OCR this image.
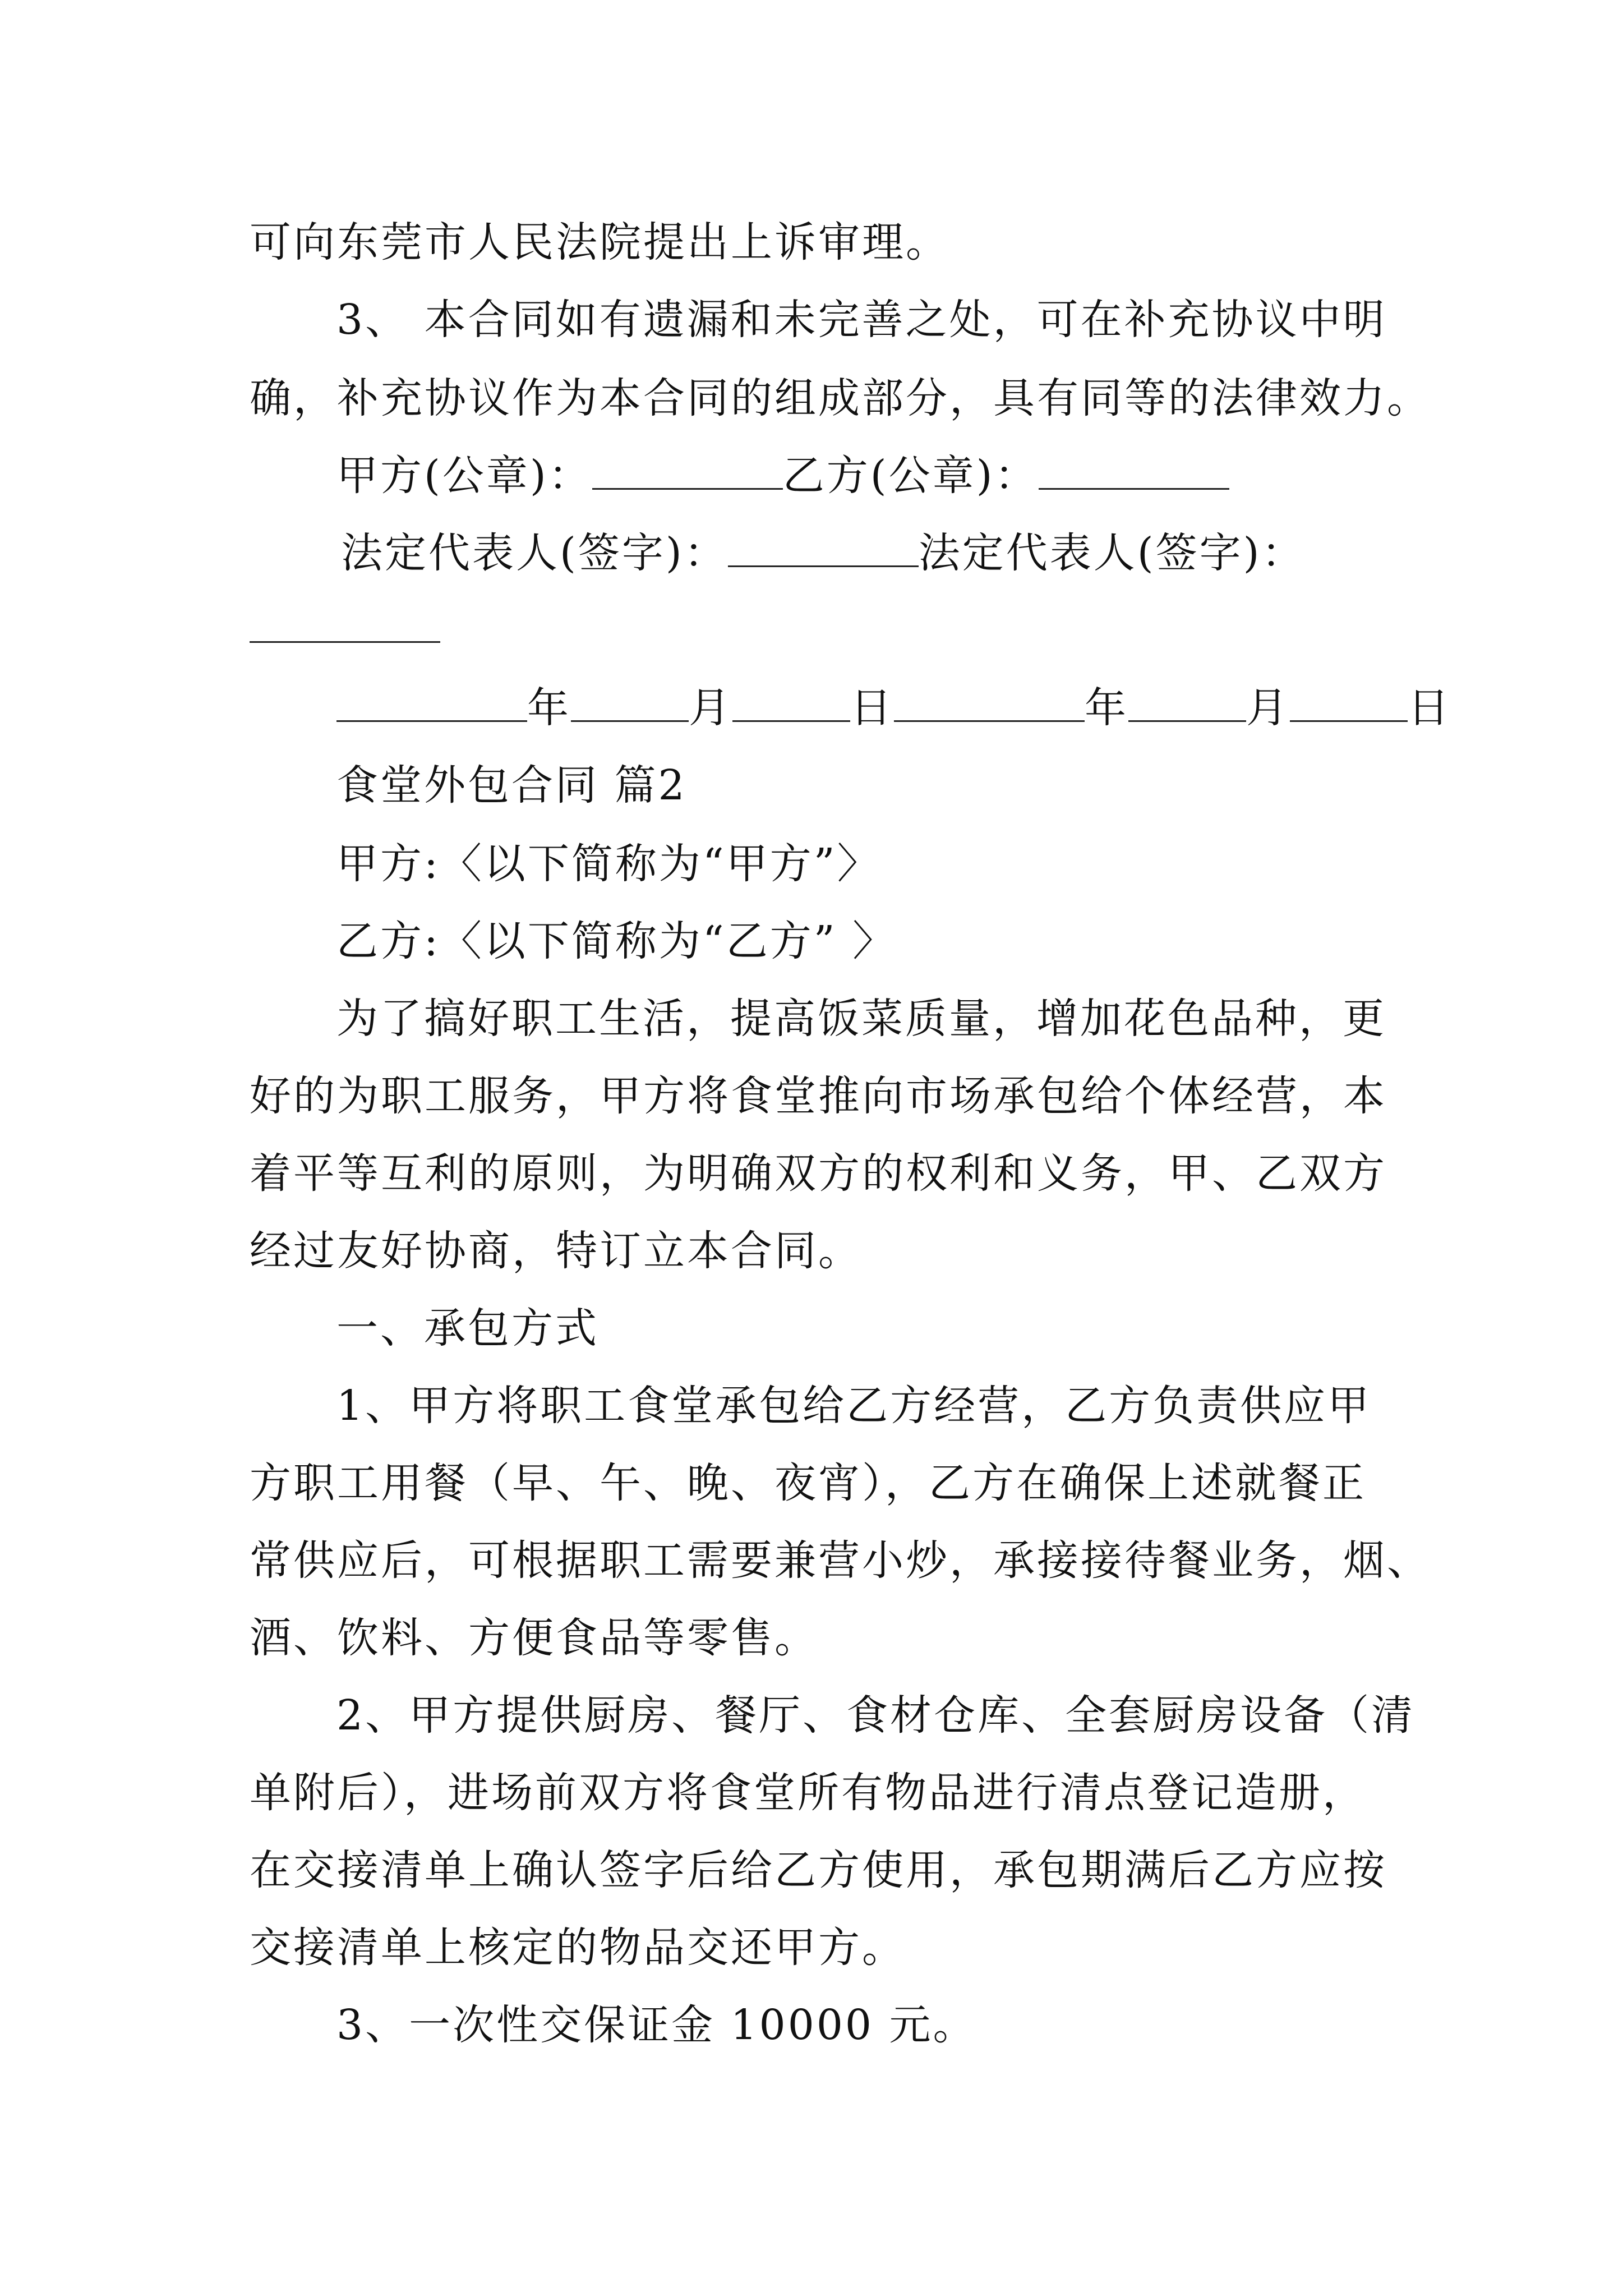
可向东莞市人民法院提出上诉审理。
3、 本合同如有遗漏和未完善之处，可在补充协议中明
确，补充协议作为本合同的组成部分，具有同等的法律效力。
甲方(公章)：	乙方(公章)：
法定代表人(签字)：	法定代表人(签字)：
年	月	日	年	月	日
食堂外包合同 篇2
甲方:〈以下简称为“甲方”〉
乙方:〈以下简称为“乙方” 〉
为了搞好职工生活，提高饭菜质量，增加花色品种，更
好的为职工服务，甲方将食堂推向市场承包给个体经营，本
着平等互利的原则，为明确双方的权利和义务，甲、乙双方
经过友好协商，特订立本合同。
一、承包方式
1、甲方将职工食堂承包给乙方经营，乙方负责供应甲
方职工用餐（早、午、晚、夜宵），乙方在确保上述就餐正
常供应后，可根据职工需要兼营小炒，承接接待餐业务，烟、
酒、饮料、方便食品等零售。
2、甲方提供厨房、餐厅、食材仓库、全套厨房设备（清
单附后），进场前双方将食堂所有物品进行清点登记造册，
在交接清单上确认签字后给乙方使用，承包期满后乙方应按
交接清单上核定的物品交还甲方。
3、一次性交保证金 10000 元。
